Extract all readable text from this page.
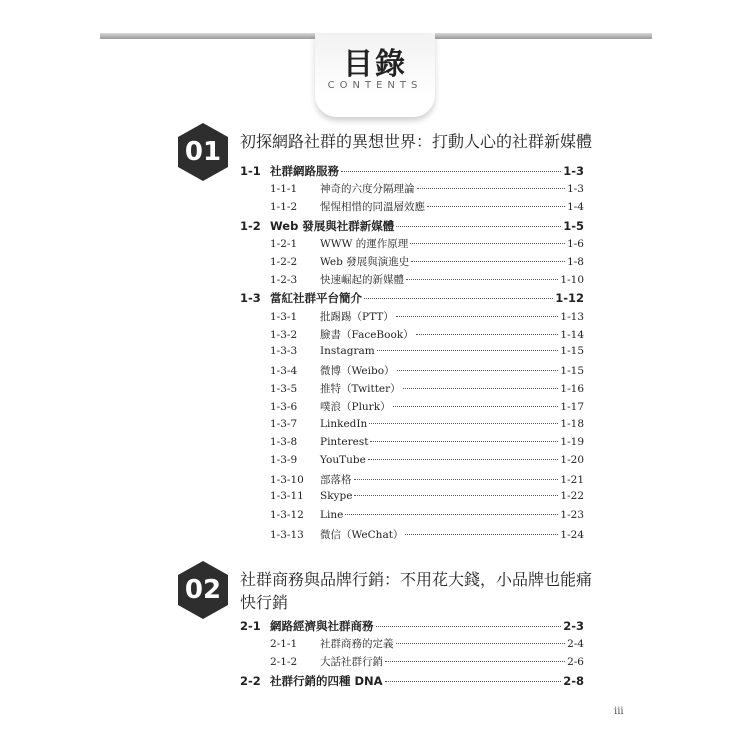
目錄
CONTENTS
01	初探網路社群的異想世界：打動人心的社群新媒體
1-1 社群網路服務	1-3
1-1-1	神奇的六度分隔理論	1-3
1-1-2	惺惺相惜的同溫層效應	1-4
1-2 Web 發展與社群新媒體	1-5
1-2-1	WWW 的運作原理	1-6
1-2-2	Web 發展與演進史	1-8
1-2-3	快速崛起的新媒體	1-10
1-3 當紅社群平台簡介	1-12
1-3-1	批踢踢（PTT）	1-13
1-3-2	臉書（FaceBook）	1-14
1-3-3	Instagram	1-15
1-3-4	微博（Weibo）	1-15
1-3-5	推特（Twitter）	1-16
1-3-6	噗浪（Plurk）	1-17
1-3-7	LinkedIn	1-18
1-3-8	Pinterest	1-19
1-3-9	YouTube	1-20
1-3-10	部落格	1-21
1-3-11	Skype	1-22
1-3-12	Line	1-23
1-3-13	微信（WeChat）	1-24
02	社群商務與品牌行銷：不用花大錢，小品牌也能痛快行銷
2-1 網路經濟與社群商務	2-3
2-1-1	社群商務的定義	2-4
2-1-2	大話社群行銷	2-6
2-2 社群行銷的四種 DNA	2-8
iii
